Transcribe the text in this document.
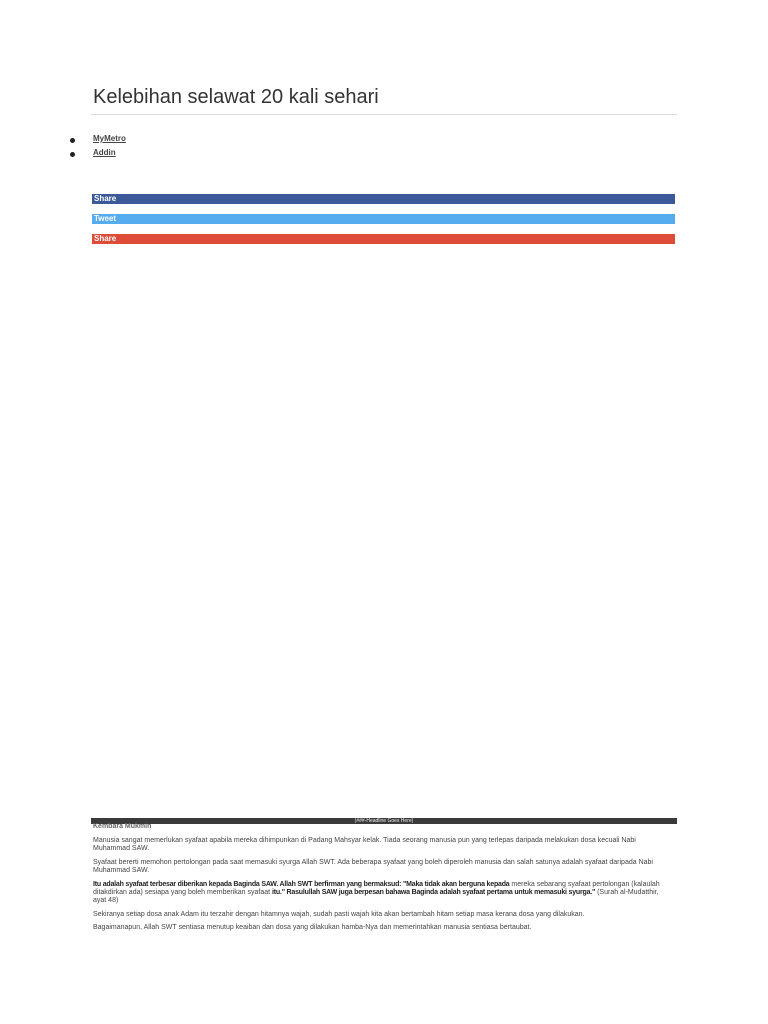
Kelebihan selawat 20 kali sehari
MyMetro
Addin
Share
Tweet
Share
(###-Headline Goes Here)
Kembara Mukmin

Manusia sangat memerlukan syafaat apabila mereka dihimpunkan di Padang Mahsyar kelak. Tiada seorang manusia pun yang terlepas daripada melakukan dosa kecuali Nabi Muhammad SAW.

Syafaat bererti memohon pertolongan pada saat memasuki syurga Allah SWT. Ada beberapa syafaat yang boleh diperoleh manusia dan salah satunya adalah syafaat daripada Nabi Muhammad SAW.

Itu adalah syafaat terbesar diberikan kepada Baginda SAW. Allah SWT berfirman yang bermaksud: "Maka tidak akan berguna kepada mereka sebarang syafaat pertolongan (kalaulah ditakdirkan ada) sesiapa yang boleh memberikan syafaat itu." Rasulullah SAW juga berpesan bahawa Baginda adalah syafaat pertama untuk memasuki syurga." (Surah al-Mudatthir, ayat 48)

Sekiranya setiap dosa anak Adam itu terzahir dengan hitamnya wajah, sudah pasti wajah kita akan bertambah hitam setiap masa kerana dosa yang dilakukan.

Bagaimanapun, Allah SWT sentiasa menutup keaiban dan dosa yang dilakukan hamba-Nya dan memerintahkan manusia sentiasa bertaubat.
